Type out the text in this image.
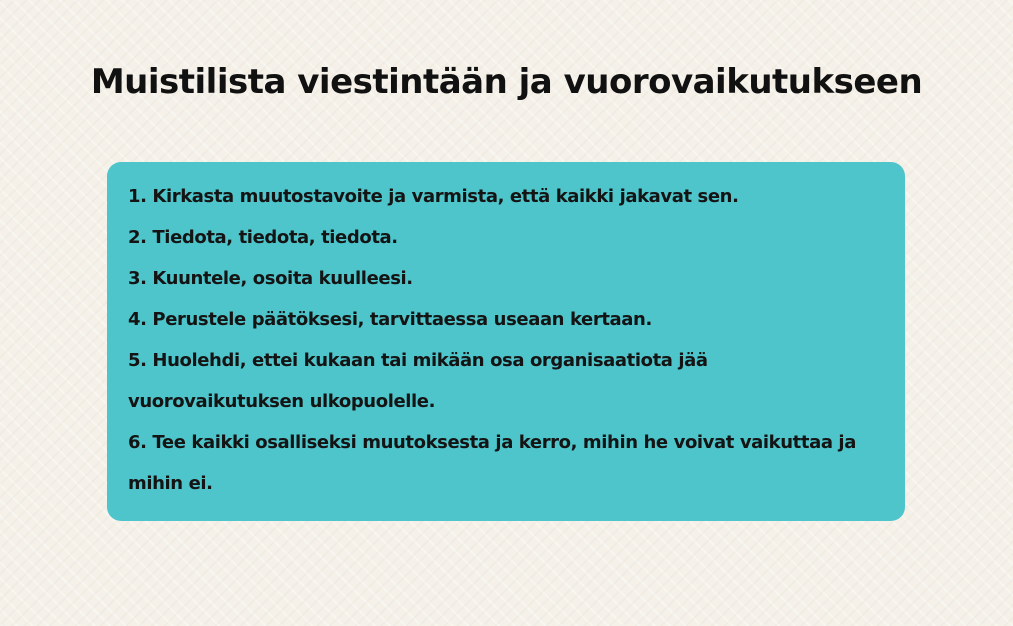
Muistilista viestintään ja vuorovaikutukseen
1. Kirkasta muutostavoite ja varmista, että kaikki jakavat sen.
2. Tiedota, tiedota, tiedota.
3. Kuuntele, osoita kuulleesi.
4. Perustele päätöksesi, tarvittaessa useaan kertaan.
5. Huolehdi, ettei kukaan tai mikään osa organisaatiota jää vuorovaikutuksen ulkopuolelle.
6. Tee kaikki osalliseksi muutoksesta ja kerro, mihin he voivat vaikuttaa ja mihin ei.
